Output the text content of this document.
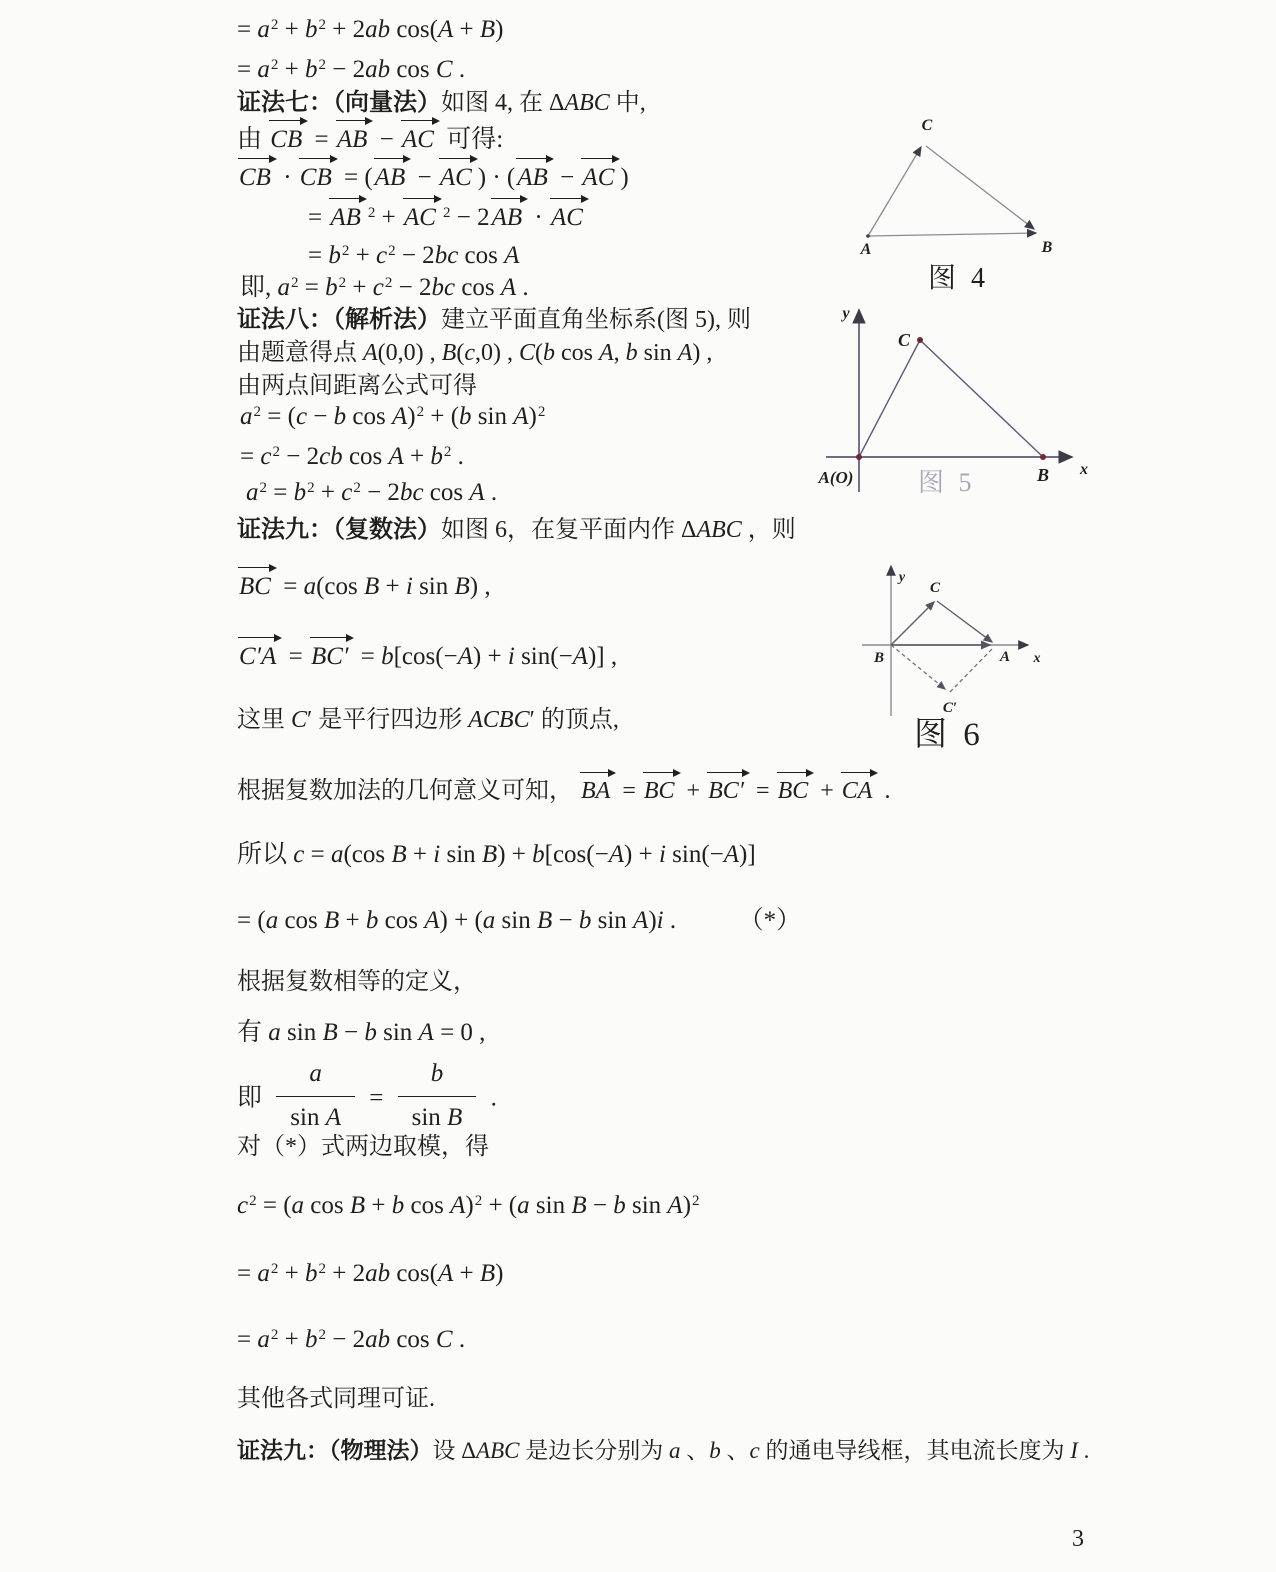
= $a^2 + b^2 + 2ab$ cos(A + B)
= $a^2 + b^2 - 2ab$ cos C .
证法七：（向量法）如图 4, 在 ΔABC 中,
由 CB = AB − AC 可得:
CB · CB = (AB − AC ) · (AB − AC )
= AB $^2$ + AC $^2$ − 2AB · AC
= $b^2 + c^2 - 2bc$ cos A
即, $a^2 = b^2 + c^2 - 2bc$ cos A .
证法八：（解析法）建立平面直角坐标系(图 5), 则
由题意得点 A(0,0) , B(c,0) , C(b cos A, b sin A) ,
由两点间距离公式可得
$a^2 = (c - b$ cos A)$^2$ + (b sin A)$^2$
= $c^2 - 2cb$ $\cos A + b^2$ .
$a^2 = b^2 + c^2 - 2bc$ cos A .
证法九：（复数法）如图 6，在复平面内作 ΔABC ，则
BC = a(cos B + i sin B) ,
C′A = BC′ = b[cos(−A) + i sin(−A)] ,
这里 C′ 是平行四边形 ACBC′ 的顶点,
根据复数加法的几何意义可知， BA = BC + BC′ = BC + CA .
所以 c = a(cos B + i sin B) + b[cos(−A) + i sin(−A)]
= (a cos B + b cos A) + (a sin B − b sin A)i .　　　（*）
根据复数相等的定义，
有 a sin B − b sin A = 0 ,
即 $\frac{a}{\text{sin A}} = \frac{b}{\text{sin B}}$ .
对（*）式两边取模，得
$c^2 = (a$ cos B + b cos A)$^2$ + (a sin B − b sin A)$^2$
= $a^2 + b^2 + 2ab$ cos(A + B)
= $a^2 + b^2 - 2ab$ cos C .
其他各式同理可证.
证法九：（物理法）设 ΔABC 是边长分别为 a 、b 、c 的通电导线框，其电流长度为 I .
C
A	B
图 4
y
x
A(O)
C
B
图 5
y
x
B
C
A
C′
图 6
3
